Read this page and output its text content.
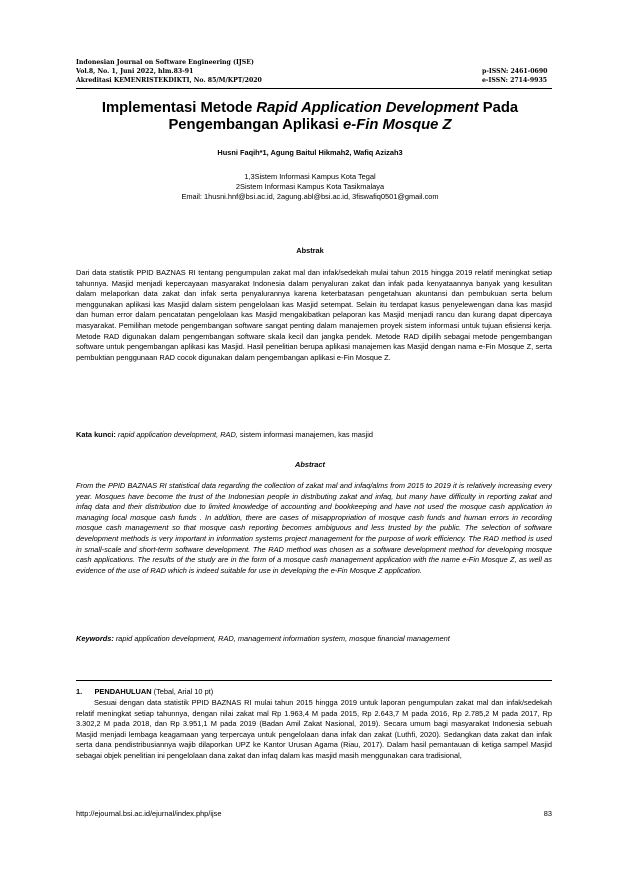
Indonesian Journal on Software Engineering (IJSE)
Vol.8, No. 1, Juni 2022, hlm.83-91	p-ISSN: 2461-0690
Akreditasi KEMENRISTEKDIKTI, No. 85/M/KPT/2020	e-ISSN: 2714-9935
Implementasi Metode Rapid Application Development Pada Pengembangan Aplikasi e-Fin Mosque Z
Husni Faqih*1, Agung Baitul Hikmah2, Wafiq Azizah3
1,3Sistem Informasi Kampus Kota Tegal
2Sistem Informasi Kampus Kota Tasikmalaya
Email: 1husni.hnf@bsi.ac.id, 2agung.abl@bsi.ac.id, 3fiswafiq0501@gmail.com
Abstrak
Dari data statistik PPID BAZNAS RI tentang pengumpulan zakat mal dan infak/sedekah mulai tahun 2015 hingga 2019 relatif meningkat setiap tahunnya. Masjid menjadi kepercayaan masyarakat Indonesia dalam penyaluran zakat dan infak pada kenyataannya banyak yang kesulitan dalam melaporkan data zakat dan infak serta penyalurannya karena keterbatasan pengetahuan akuntansi dan pembukuan serta belum menggunakan aplikasi kas Masjid dalam sistem pengelolaan kas Masjid setempat. Selain itu terdapat kasus penyelewengan dana kas masjid dan human error dalam pencatatan pengelolaan kas Masjid mengakibatkan pelaporan kas Masjid menjadi rancu dan kurang dapat dipercaya masyarakat. Pemilihan metode pengembangan software sangat penting dalam manajemen proyek sistem informasi untuk tujuan efisiensi kerja. Metode RAD digunakan dalam pengembangan software skala kecil dan jangka pendek. Metode RAD dipilih sebagai metode pengembangan software untuk pengembangan aplikasi kas Masjid. Hasil penelitian berupa aplikasi manajemen kas Masjid dengan nama e-Fin Mosque Z, serta pembuktian penggunaan RAD cocok digunakan dalam pengembangan aplikasi e-Fin Mosque Z.
Kata kunci: rapid application development, RAD, sistem informasi manajemen, kas masjid
Abstract
From the PPID BAZNAS RI statistical data regarding the collection of zakat mal and infaq/alms from 2015 to 2019 it is relatively increasing every year. Mosques have become the trust of the Indonesian people in distributing zakat and infaq, but many have difficulty in reporting zakat and infaq data and their distribution due to limited knowledge of accounting and bookkeeping and have not used the mosque cash application in managing local mosque cash funds . In addition, there are cases of misappropriation of mosque cash funds and human errors in recording mosque cash management so that mosque cash reporting becomes ambiguous and less trusted by the public. The selection of software development methods is very important in information systems project management for the purpose of work efficiency. The RAD method is used in small-scale and short-term software development. The RAD method was chosen as a software development method for developing mosque cash applications. The results of the study are in the form of a mosque cash management application with the name e-Fin Mosque Z, as well as evidence of the use of RAD which is indeed suitable for use in developing the e-Fin Mosque Z application.
Keywords: rapid application development, RAD, management information system, mosque financial management
1. PENDAHULUAN (Tebal, Arial 10 pt)
Sesuai dengan data statistik PPID BAZNAS RI mulai tahun 2015 hingga 2019 untuk laporan pengumpulan zakat mal dan infak/sedekah relatif meningkat setiap tahunnya, dengan nilai zakat mal Rp 1.963,4 M pada 2015, Rp 2.643,7 M pada 2016, Rp 2.785,2 M pada 2017, Rp 3.302,2 M pada 2018, dan Rp 3.951,1 M pada 2019 (Badan Amil Zakat Nasional, 2019). Secara umum bagi masyarakat Indonesia sebuah Masjid menjadi lembaga keagamaan yang terpercaya untuk pengelolaan dana infak dan zakat (Luthfi, 2020). Sedangkan data zakat dan infak serta dana pendistribusiannya wajib dilaporkan UPZ ke Kantor Urusan Agama (Riau, 2017). Dalam hasil pemantauan di ketiga sampel Masjid sebagai objek penelitian ini pengelolaan dana zakat dan infaq dalam kas masjid masih menggunakan cara tradisional,
http://ejournal.bsi.ac.id/ejurnal/index.php/ijse	83
